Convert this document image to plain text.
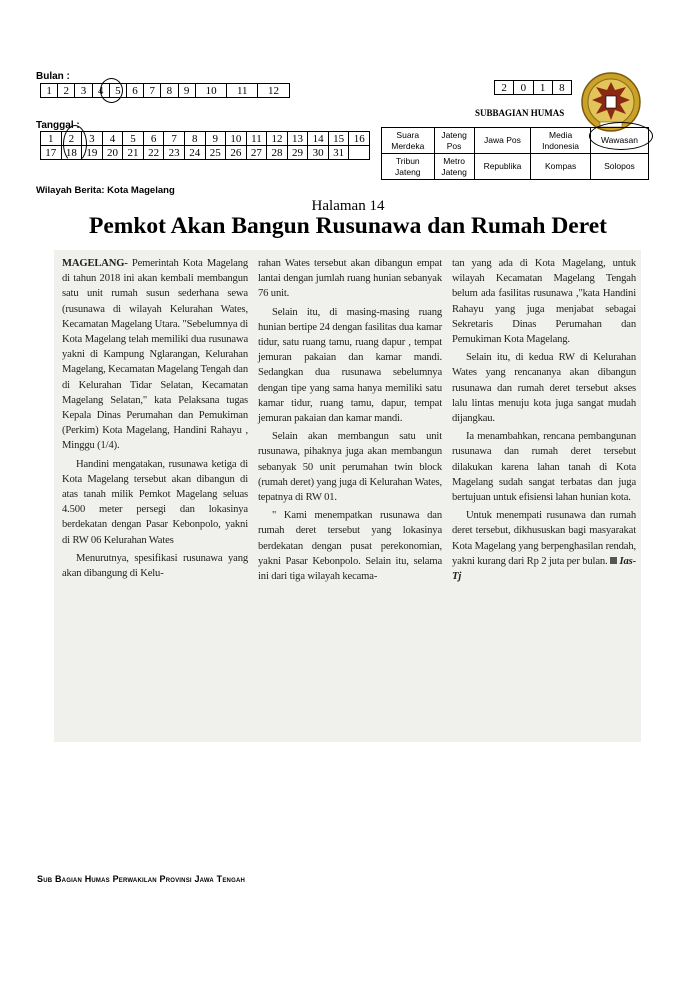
Bulan :
1	2	3	4	5	6	7	8	9	10	11	12
Tanggal :
1	2	3	4	5	6	7	8	9	10	11	12	13	14	15	16
17	18	19	20	21	22	23	24	25	26	27	28	29	30	31	
2	0	1	8
SUBBAGIAN HUMAS
Suara Merdeka	Jateng Pos	Jawa Pos	Media Indonesia	Wawasan
Tribun Jateng	Metro Jateng	Republika	Kompas	Solopos
Wilayah Berita: Kota Magelang
Halaman 14
Pemkot Akan Bangun Rusunawa dan Rumah Deret

MAGELANG- Pemerintah Kota Magelang di tahun 2018 ini akan kembali membangun satu unit rumah susun sederhana sewa (rusunawa di wilayah Kelurahan Wates, Kecamatan Magelang Utara. "Sebelumnya di Kota Magelang telah memiliki dua rusunawa yakni di Kampung Nglarangan, Kelurahan Magelang, Kecamatan Magelang Tengah dan di Kelurahan Tidar Selatan, Kecamatan Magelang Selatan," kata Pelaksana tugas Kepala Dinas Perumahan dan Pemukiman (Perkim) Kota Magelang, Handini Rahayu , Minggu (1/4).

Handini mengatakan, rusunawa ketiga di Kota Magelang tersebut akan dibangun di atas tanah milik Pemkot Magelang seluas 4.500 meter persegi dan lokasinya berdekatan dengan Pasar Kebonpolo, yakni di RW 06 Kelurahan Wates

Menurutnya, spesifikasi rusunawa yang akan dibangung di Kelu-

rahan Wates tersebut akan dibangun empat lantai dengan jumlah ruang hunian sebanyak 76 unit.

Selain itu, di masing-masing ruang hunian bertipe 24 dengan fasilitas dua kamar tidur, satu ruang tamu, ruang dapur , tempat jemuran pakaian dan kamar mandi. Sedangkan dua rusunawa sebelumnya dengan tipe yang sama hanya memiliki satu kamar tidur, ruang tamu, dapur, tempat jemuran pakaian dan kamar mandi.

Selain akan membangun satu unit rusunawa, pihaknya juga akan membangun sebanyak 50 unit perumahan twin block (rumah deret) yang juga di Kelurahan Wates, tepatnya di RW 01.

" Kami menempatkan rusunawa dan rumah deret tersebut yang lokasinya berdekatan dengan pusat perekonomian, yakni Pasar Kebonpolo. Selain itu, selama ini dari tiga wilayah kecama-

tan yang ada di Kota Magelang, untuk wilayah Kecamatan Magelang Tengah belum ada fasilitas rusunawa ,"kata Handini Rahayu yang juga menjabat sebagai Sekretaris Dinas Perumahan dan Pemukiman Kota Magelang.

Selain itu, di kedua RW di Kelurahan Wates yang rencananya akan dibangun rusunawa dan rumah deret tersebut akses lalu lintas menuju kota juga sangat mudah dijangkau.

Ia menambahkan, rencana pembangunan rusunawa dan rumah deret tersebut dilakukan karena lahan tanah di Kota Magelang sudah sangat terbatas dan juga bertujuan untuk efisiensi lahan hunian kota.

Untuk menempati rusunawa dan rumah deret tersebut, dikhususkan bagi masyarakat Kota Magelang yang berpenghasilan rendah, yakni kurang dari Rp 2 juta per bulan. Ias-Tj

Sub Bagian Humas Perwakilan Provinsi Jawa Tengah
